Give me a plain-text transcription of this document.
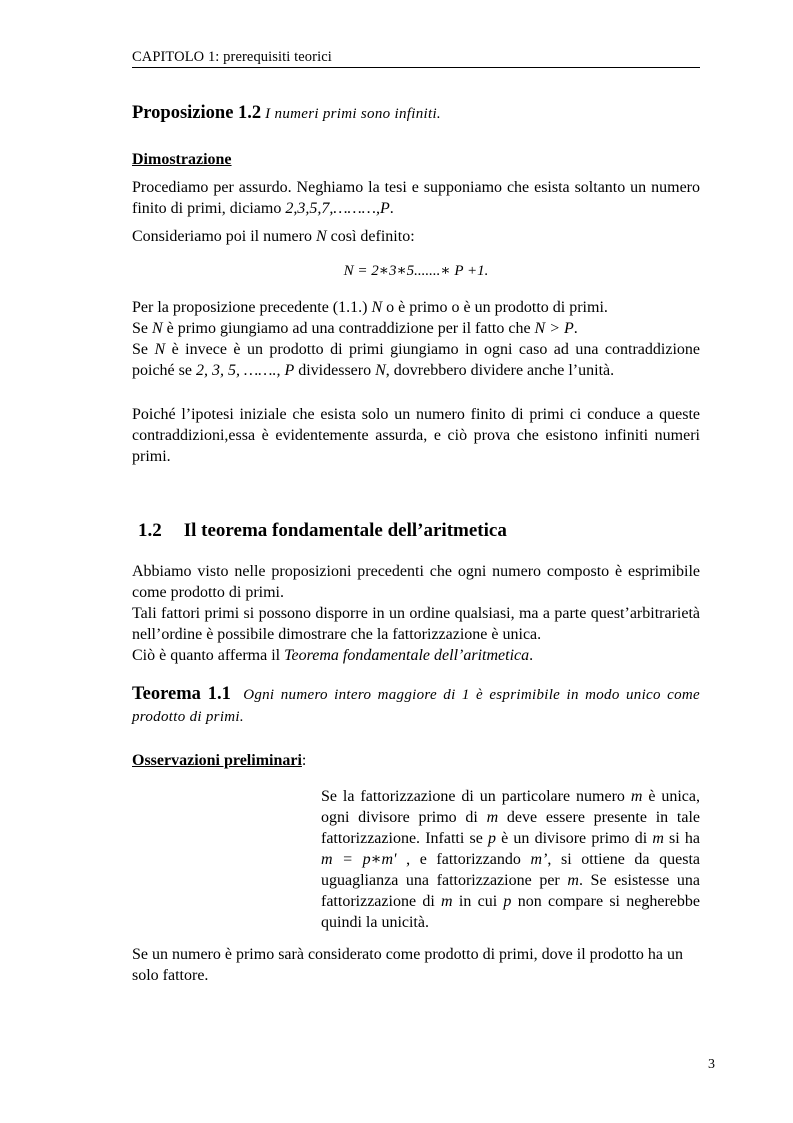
CAPITOLO 1: prerequisiti teorici
Proposizione 1.2 I numeri primi sono infiniti.
Dimostrazione
Procediamo per assurdo. Neghiamo la tesi e supponiamo che esista soltanto un numero finito di primi, diciamo 2,3,5,7,………,P.
Consideriamo poi il numero N così definito:
N = 2∗3∗5.......∗ P +1.
Per la proposizione precedente (1.1.) N o è primo o è un prodotto di primi.
Se N è primo giungiamo ad una contraddizione per il fatto che N > P.
Se N è invece è un prodotto di primi giungiamo in ogni caso ad una contraddizione poiché se 2, 3, 5, ……., P dividessero N, dovrebbero dividere anche l’unità.
Poiché l’ipotesi iniziale che esista solo un numero finito di primi ci conduce a queste contraddizioni,essa è evidentemente assurda, e ciò prova che esistono infiniti numeri primi.
1.2 Il teorema fondamentale dell’aritmetica
Abbiamo visto nelle proposizioni precedenti che ogni numero composto è esprimibile come prodotto di primi.
Tali fattori primi si possono disporre in un ordine qualsiasi, ma a parte quest’arbitrarietà nell’ordine è possibile dimostrare che la fattorizzazione è unica.
Ciò è quanto afferma il Teorema fondamentale dell’aritmetica.
Teorema 1.1 Ogni numero intero maggiore di 1 è esprimibile in modo unico come prodotto di primi.
Osservazioni preliminari:
Se la fattorizzazione di un particolare numero m è unica, ogni divisore primo di m deve essere presente in tale fattorizzazione. Infatti se p è un divisore primo di m si ha m = p∗m' , e fattorizzando m’, si ottiene da questa uguaglianza una fattorizzazione per m. Se esistesse una fattorizzazione di m in cui p non compare si negherebbe quindi la unicità.
Se un numero è primo sarà considerato come prodotto di primi, dove il prodotto ha un solo fattore.
3
